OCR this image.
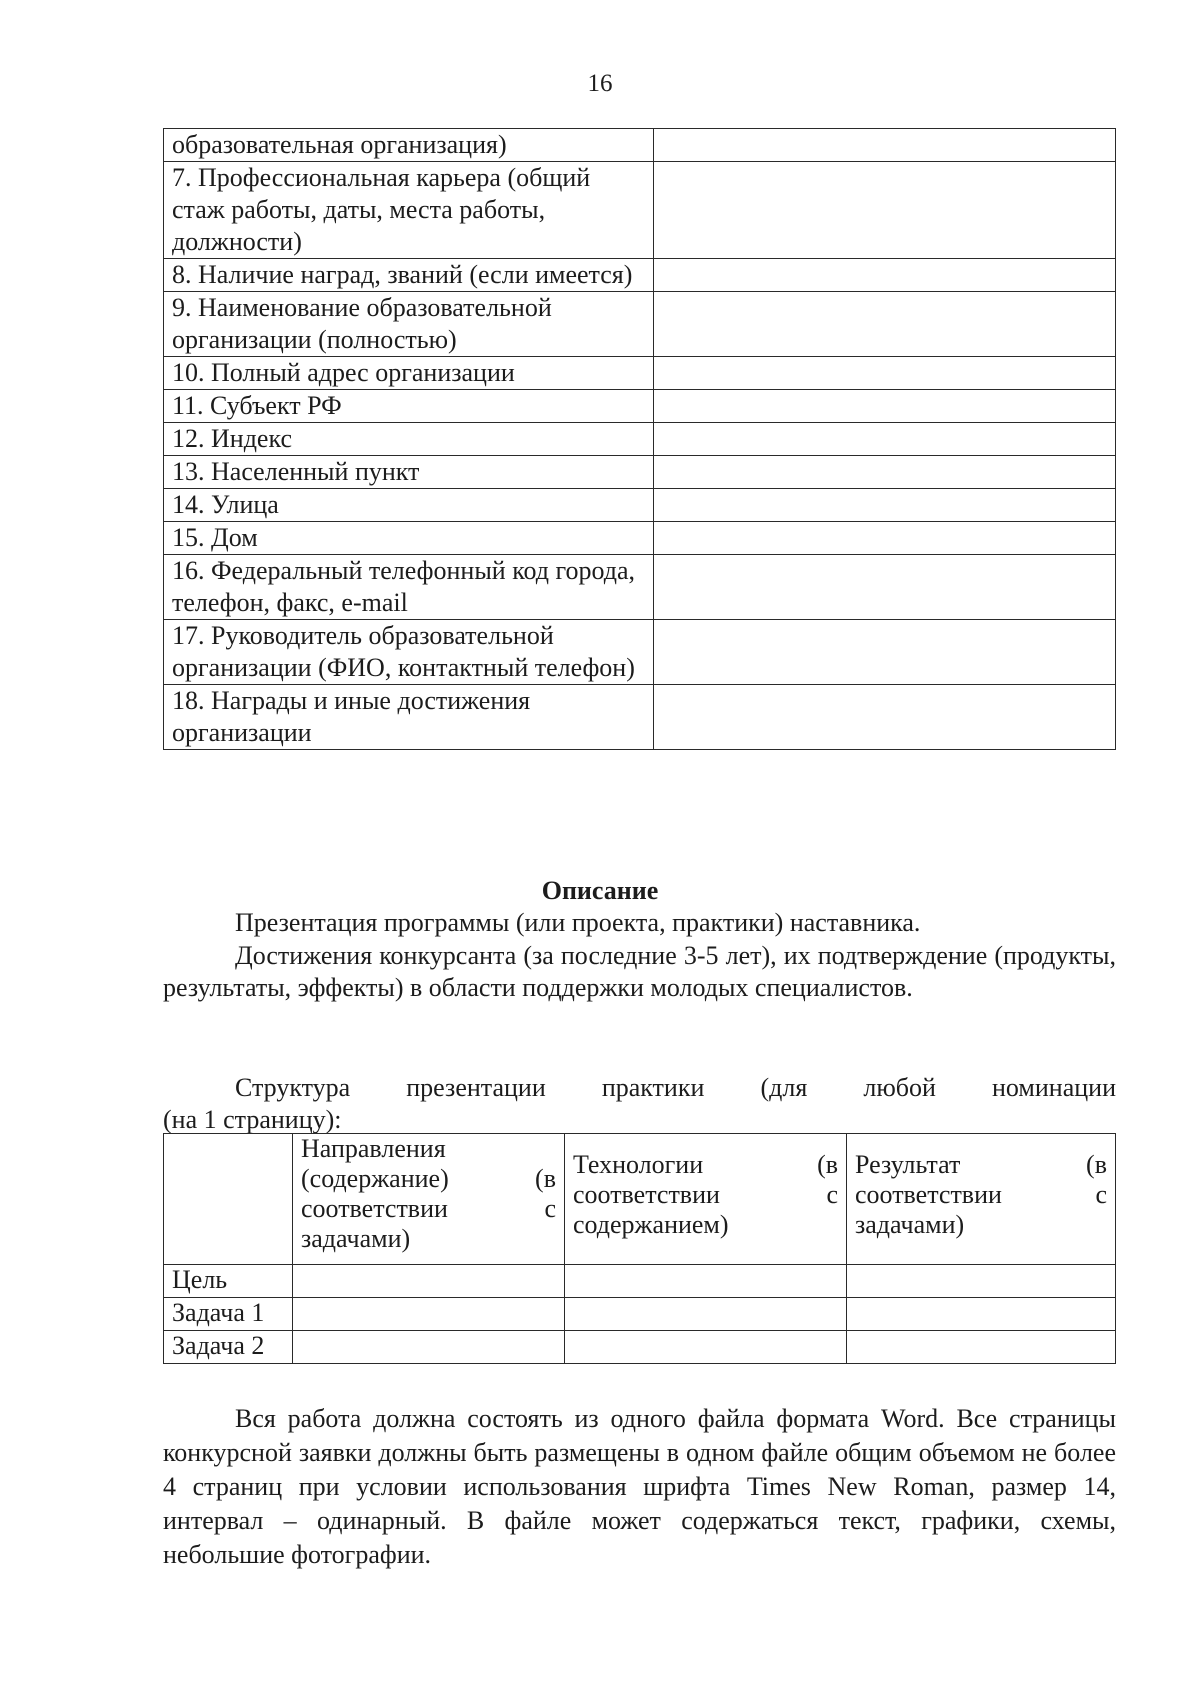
16
образовательная организация)	
7. Профессиональная карьера (общий стаж работы, даты, места работы, должности)	
8. Наличие наград, званий (если имеется)	
9. Наименование образовательной организации (полностью)	
10. Полный адрес организации	
11. Субъект РФ	
12. Индекс	
13. Населенный пункт	
14. Улица	
15. Дом	
16. Федеральный телефонный код города, телефон, факс, e-mail	
17. Руководитель образовательной организации (ФИО, контактный телефон)	
18. Награды и иные достижения организации	
Описание
Презентация программы (или проекта, практики) наставника.
Достижения конкурсанта (за последние 3-5 лет), их подтверждение (продукты, результаты, эффекты) в области поддержки молодых специалистов.
Структура презентации практики (для любой номинации
(на 1 страницу):

	Направления (содержание) (в соответствии с задачами)	Технологии (в соответствии с содержанием)	Результат (в соответствии с задачами)

Цель			
Задача 1			
Задача 2			
Вся работа должна состоять из одного файла формата Word. Все страницы конкурсной заявки должны быть размещены в одном файле общим объемом не более 4 страниц при условии использования шрифта Times New Roman, размер 14, интервал – одинарный. В файле может содержаться текст, графики, схемы, небольшие фотографии.
